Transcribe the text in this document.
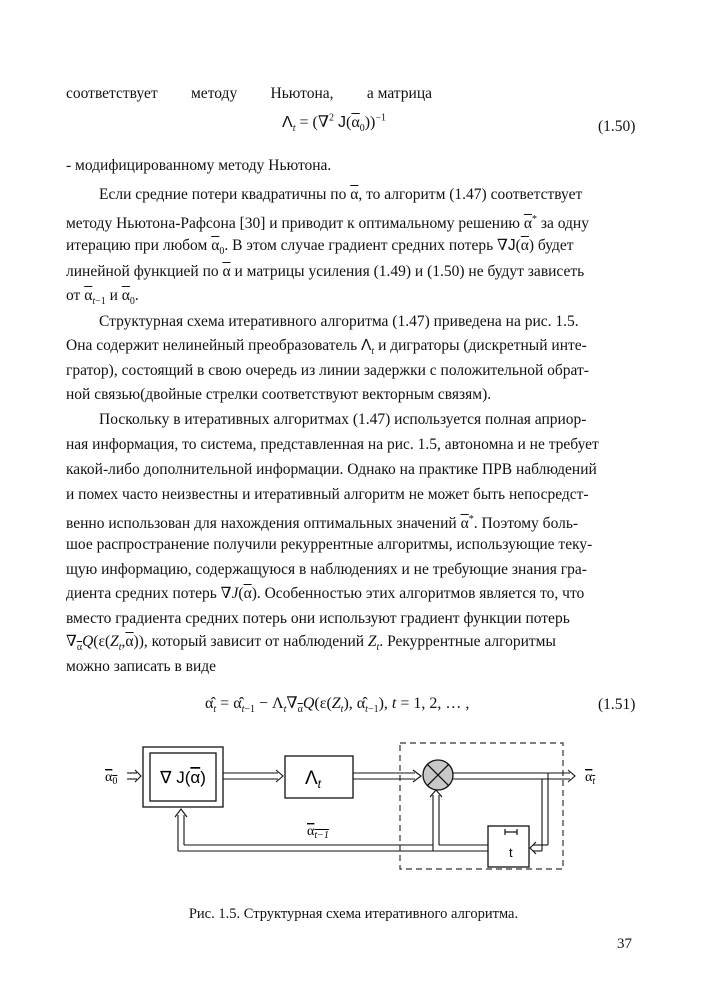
соответствует методу Ньютона, а матрица
$\Lambda_t = (\nabla^2$ $J(\overline{\alpha}_0))^{-1}$	(1.50)
- модифицированному методу Ньютона.
Если средние потери квадратичны по $\overline{\alpha}$, то алгоритм (1.47) соответствует
методу Ньютона-Рафсона [30] и приводит к оптимальному решению $\overline{\alpha}^*$ за одну
итерацию при любом $\overline{\alpha}_0$. В этом случае градиент средних потерь $\nabla J(\overline{\alpha})$ будет
линейной функцией по $\overline{\alpha}$ и матрицы усиления (1.49) и (1.50) не будут зависеть
от $\overline{\alpha}_{t-1}$ и $\overline{\alpha}_0$.
Структурная схема итеративного алгоритма (1.47) приведена на рис. 1.5.
Она содержит нелинейный преобразователь $\Lambda_t$ и диграторы (дискретный инте-
гратор), состоящий в свою очередь из линии задержки с положительной обрат-
ной связью(двойные стрелки соответствуют векторным связям).
Поскольку в итеративных алгоритмах (1.47) используется полная априор-
ная информация, то система, представленная на рис. 1.5, автономна и не требует
какой-либо дополнительной информации. Однако на практике ПРВ наблюдений
и помех часто неизвестны и итеративный алгоритм не может быть непосредст-
венно использован для нахождения оптимальных значений $\overline{\alpha}^*$. Поэтому боль-
шое распространение получили рекуррентные алгоритмы, использующие теку-
щую информацию, содержащуюся в наблюдениях и не требующие знания гра-
диента средних потерь $\nabla J(\overline{\alpha})$. Особенностью этих алгоритмов является то, что
вместо градиента средних потерь они используют градиент функции потерь
$\nabla_{\overline{\alpha}}Q(\varepsilon(Z_t,\overline{\alpha}))$, который зависит от наблюдений $Z_t$. Рекуррентные алгоритмы
можно записать в виде
$\alphâ_t$ = $\alphâ_{t-1} - \Lambda_t\nabla_{\overline{\alpha}}Q(\varepsilon(Z_t)$, $\alphâ_{t-1}$), t = 1, 2, … ,	(1.51)
$\alpha_0$	∇ J(α)	$\Lambda_t$	$\alpha_t$
$\alpha_{t-1}$
t
Рис. 1.5. Структурная схема итеративного алгоритма.
37
